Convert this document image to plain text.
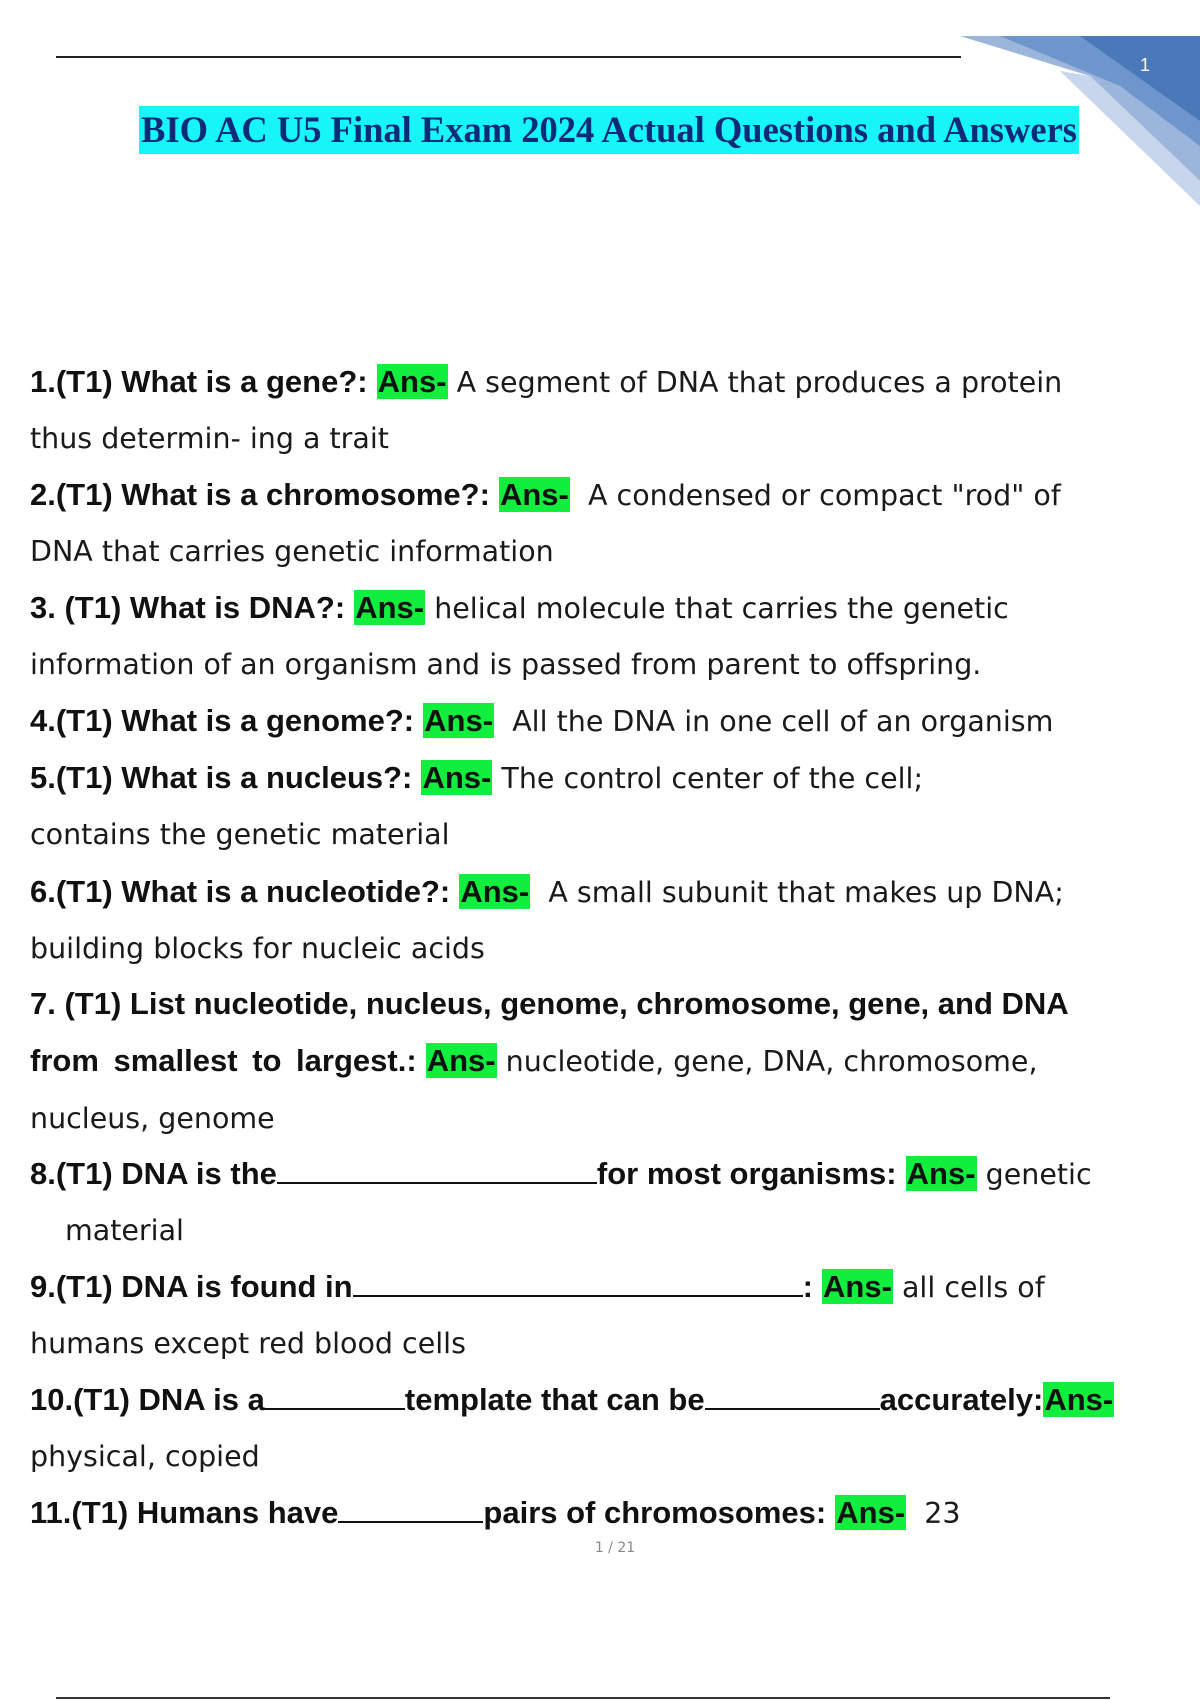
1
BIO AC U5 Final Exam 2024 Actual Questions and Answers
1.(T1) What is a gene?: Ans- A segment of DNA that produces a protein
thus determin- ing a trait
2.(T1) What is a chromosome?: Ans- A condensed or compact "rod" of
DNA that carries genetic information
3. (T1) What is DNA?: Ans- helical molecule that carries the genetic
information of an organism and is passed from parent to offspring.
4.(T1) What is a genome?: Ans- All the DNA in one cell of an organism
5.(T1) What is a nucleus?: Ans- The control center of the cell;
contains the genetic material
6.(T1) What is a nucleotide?: Ans- A small subunit that makes up DNA;
building blocks for nucleic acids
7. (T1) List nucleotide, nucleus, genome, chromosome, gene, and DNA
from smallest to largest.: Ans- nucleotide, gene, DNA, chromosome,
nucleus, genome
8.(T1) DNA is the	for most organisms: Ans- genetic
material
9.(T1) DNA is found in	: Ans- all cells of
humans except red blood cells
10.(T1) DNA is a	template that can be	accurately:Ans-
physical, copied
11.(T1) Humans have	pairs of chromosomes: Ans- 23
1 / 21
